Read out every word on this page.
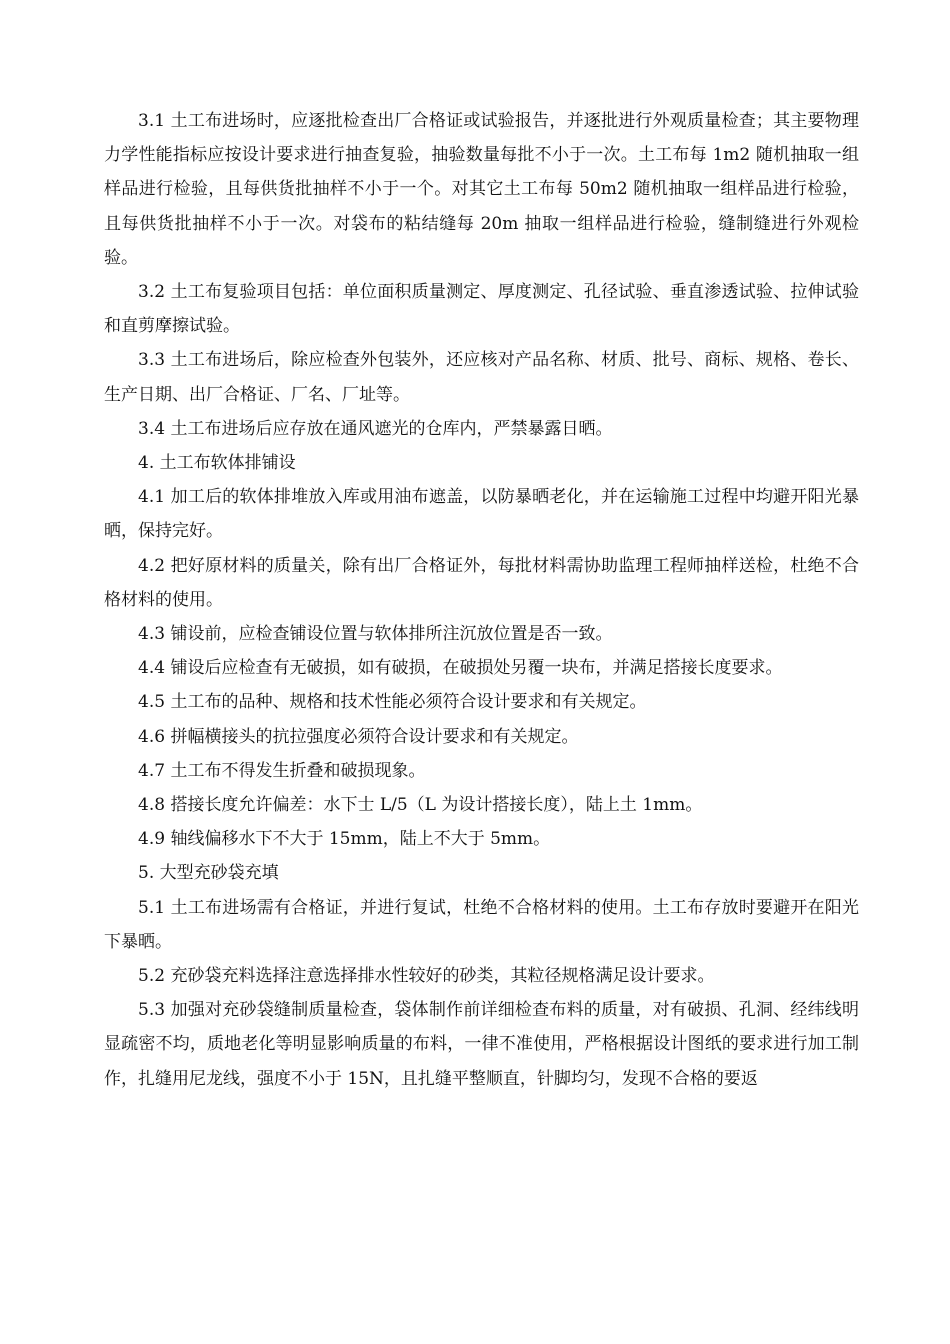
3.1 土工布进场时，应逐批检查出厂合格证或试验报告，并逐批进行外观质量检查；其主要物理力学性能指标应按设计要求进行抽查复验，抽验数量每批不小于一次。土工布每 1m2 随机抽取一组样品进行检验，且每供货批抽样不小于一个。对其它土工布每 50m2 随机抽取一组样品进行检验，且每供货批抽样不小于一次。对袋布的粘结缝每 20m 抽取一组样品进行检验，缝制缝进行外观检验。

3.2 土工布复验项目包括：单位面积质量测定、厚度测定、孔径试验、垂直渗透试验、拉伸试验和直剪摩擦试验。

3.3 土工布进场后，除应检查外包装外，还应核对产品名称、材质、批号、商标、规格、卷长、生产日期、出厂合格证、厂名、厂址等。

3.4 土工布进场后应存放在通风遮光的仓库内，严禁暴露日晒。

4. 土工布软体排铺设

4.1 加工后的软体排堆放入库或用油布遮盖，以防暴晒老化，并在运输施工过程中均避开阳光暴晒，保持完好。

4.2 把好原材料的质量关，除有出厂合格证外，每批材料需协助监理工程师抽样送检，杜绝不合格材料的使用。

4.3 铺设前，应检查铺设位置与软体排所注沉放位置是否一致。

4.4 铺设后应检查有无破损，如有破损，在破损处另覆一块布，并满足搭接长度要求。

4.5 土工布的品种、规格和技术性能必须符合设计要求和有关规定。

4.6 拼幅横接头的抗拉强度必须符合设计要求和有关规定。

4.7 土工布不得发生折叠和破损现象。

4.8 搭接长度允许偏差：水下士 L/5（L 为设计搭接长度），陆上土 1mm。

4.9 轴线偏移水下不大于 15mm，陆上不大于 5mm。

5. 大型充砂袋充填

5.1 土工布进场需有合格证，并进行复试，杜绝不合格材料的使用。土工布存放时要避开在阳光下暴晒。

5.2 充砂袋充料选择注意选择排水性较好的砂类，其粒径规格满足设计要求。

5.3 加强对充砂袋缝制质量检查，袋体制作前详细检查布料的质量，对有破损、孔洞、经纬线明显疏密不均，质地老化等明显影响质量的布料，一律不准使用，严格根据设计图纸的要求进行加工制作，扎缝用尼龙线，强度不小于 15N，且扎缝平整顺直，针脚均匀，发现不合格的要返
